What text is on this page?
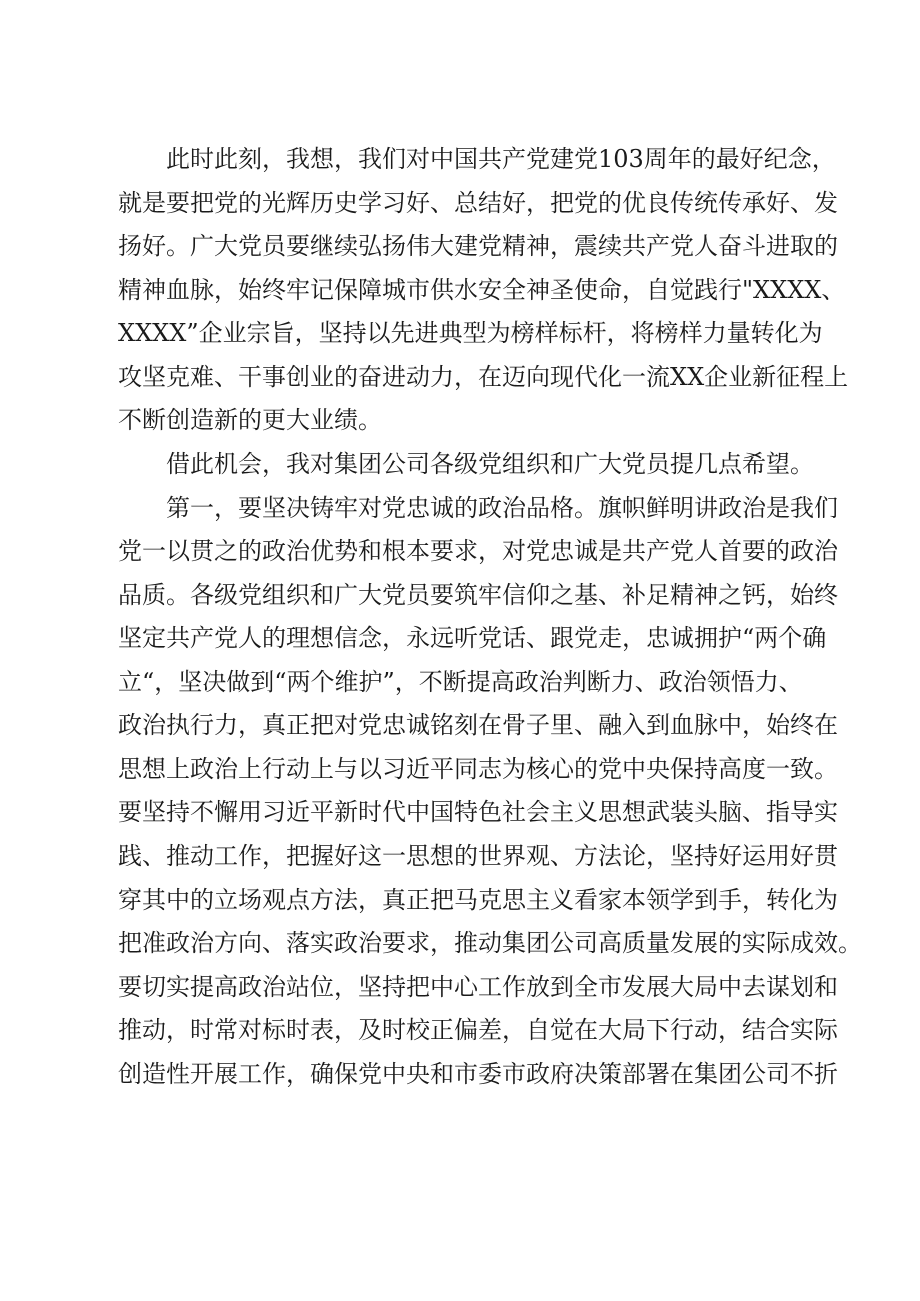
此时此刻，我想，我们对中国共产党建党103周年的最好纪念，
就是要把党的光辉历史学习好、总结好，把党的优良传统传承好、发
扬好。广大党员要继续弘扬伟大建党精神，震续共产党人奋斗进取的
精神血脉，始终牢记保障城市供水安全神圣使命，自觉践行"XXXX、
XXXX”企业宗旨，坚持以先进典型为榜样标杆，将榜样力量转化为
攻坚克难、干事创业的奋进动力，在迈向现代化一流XX企业新征程上
不断创造新的更大业绩。
借此机会，我对集团公司各级党组织和广大党员提几点希望。
第一，要坚决铸牢对党忠诚的政治品格。旗帜鲜明讲政治是我们
党一以贯之的政治优势和根本要求，对党忠诚是共产党人首要的政治
品质。各级党组织和广大党员要筑牢信仰之基、补足精神之钙，始终
坚定共产党人的理想信念，永远听党话、跟党走，忠诚拥护“两个确
立“，坚决做到“两个维护”，不断提高政治判断力、政治领悟力、
政治执行力，真正把对党忠诚铭刻在骨子里、融入到血脉中，始终在
思想上政治上行动上与以习近平同志为核心的党中央保持高度一致。
要坚持不懈用习近平新时代中国特色社会主义思想武装头脑、指导实
践、推动工作，把握好这一思想的世界观、方法论，坚持好运用好贯
穿其中的立场观点方法，真正把马克思主义看家本领学到手，转化为
把准政治方向、落实政治要求，推动集团公司高质量发展的实际成效。
要切实提高政治站位，坚持把中心工作放到全市发展大局中去谋划和
推动，时常对标时表，及时校正偏差，自觉在大局下行动，结合实际
创造性开展工作，确保党中央和市委市政府决策部署在集团公司不折
